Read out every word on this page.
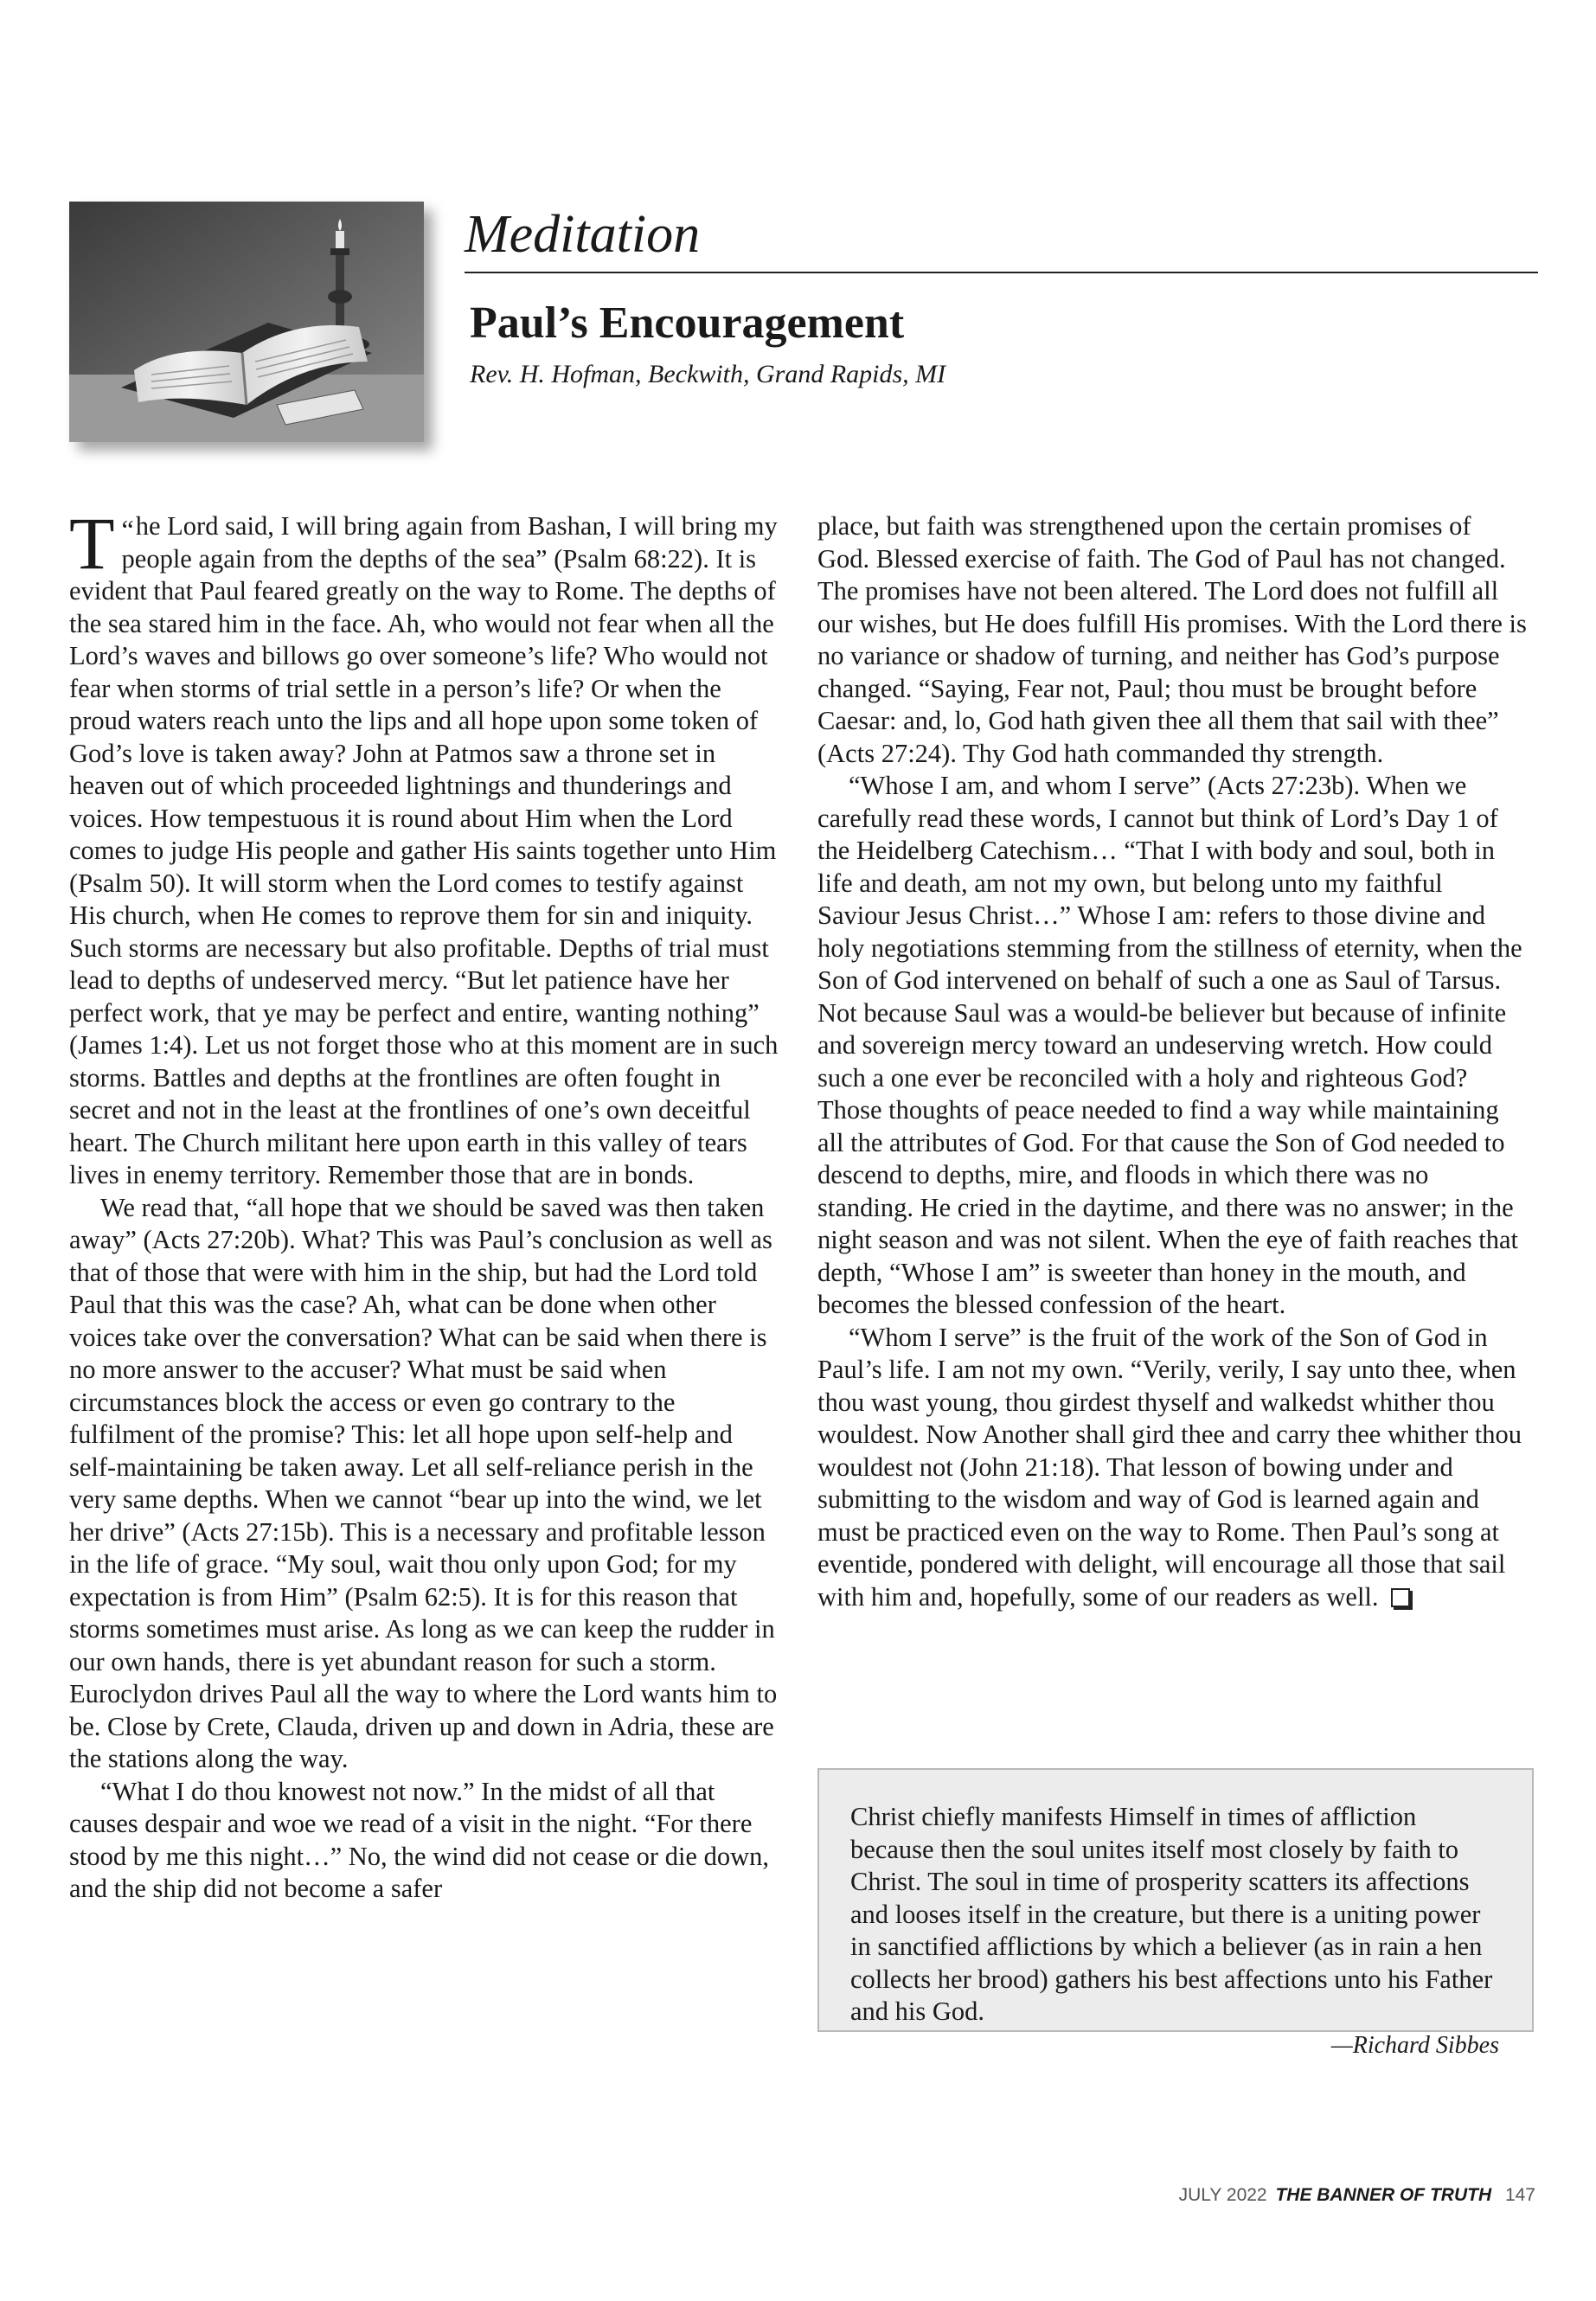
Meditation
Paul’s Encouragement

Rev. H. Hofman, Beckwith, Grand Rapids, MI

“
T he Lord said, I will bring again from Bashan, I will bring my people again from the depths of the sea” (Psalm 68:22). It is evident that Paul feared greatly on the way to Rome. The depths of the sea stared him in the face. Ah, who would not fear when all the Lord’s waves and billows go over someone’s life? Who would not fear when storms of trial settle in a person’s life? Or when the proud waters reach unto the lips and all hope upon some token of God’s love is taken away? John at Patmos saw a throne set in heaven out of which proceeded lightnings and thunderings and voices. How tempestuous it is round about Him when the Lord comes to judge His people and gather His saints together unto Him (Psalm 50). It will storm when the Lord comes to testify against His church, when He comes to reprove them for sin and iniquity. Such storms are necessary but also profitable. Depths of trial must lead to depths of undeserved mercy. “But let patience have her perfect work, that ye may be perfect and entire, wanting nothing” (James 1:4). Let us not forget those who at this moment are in such storms. Battles and depths at the frontlines are often fought in secret and not in the least at the frontlines of one’s own deceitful heart. The Church militant here upon earth in this valley of tears lives in enemy territory. Remember those that are in bonds.

We read that, “all hope that we should be saved was then taken away” (Acts 27:20b). What? This was Paul’s conclusion as well as that of those that were with him in the ship, but had the Lord told Paul that this was the case? Ah, what can be done when other voices take over the conversation? What can be said when there is no more answer to the accuser? What must be said when circumstances block the access or even go contrary to the fulfilment of the promise? This: let all hope upon self-help and self-maintaining be taken away. Let all self-reliance perish in the very same depths. When we cannot “bear up into the wind, we let her drive” (Acts 27:15b). This is a necessary and profitable lesson in the life of grace. “My soul, wait thou only upon God; for my expectation is from Him” (Psalm 62:5). It is for this reason that storms sometimes must arise. As long as we can keep the rudder in our own hands, there is yet abundant reason for such a storm. Euroclydon drives Paul all the way to where the Lord wants him to be. Close by Crete, Clauda, driven up and down in Adria, these are the stations along the way.

“What I do thou knowest not now.” In the midst of all that causes despair and woe we read of a visit in the night. “For there stood by me this night…” No, the wind did not cease or die down, and the ship did not become a safer

place, but faith was strengthened upon the certain promises of God. Blessed exercise of faith. The God of Paul has not changed. The promises have not been altered. The Lord does not fulfill all our wishes, but He does fulfill His promises. With the Lord there is no variance or shadow of turning, and neither has God’s purpose changed. “Saying, Fear not, Paul; thou must be brought before Caesar: and, lo, God hath given thee all them that sail with thee” (Acts 27:24). Thy God hath commanded thy strength.

“Whose I am, and whom I serve” (Acts 27:23b). When we carefully read these words, I cannot but think of Lord’s Day 1 of the Heidelberg Catechism… “That I with body and soul, both in life and death, am not my own, but belong unto my faithful Saviour Jesus Christ…” Whose I am: refers to those divine and holy negotiations stemming from the stillness of eternity, when the Son of God intervened on behalf of such a one as Saul of Tarsus. Not because Saul was a would-be believer but because of infinite and sovereign mercy toward an undeserving wretch. How could such a one ever be reconciled with a holy and righteous God? Those thoughts of peace needed to find a way while maintaining all the attributes of God. For that cause the Son of God needed to descend to depths, mire, and floods in which there was no standing. He cried in the daytime, and there was no answer; in the night season and was not silent. When the eye of faith reaches that depth, “Whose I am” is sweeter than honey in the mouth, and becomes the blessed confession of the heart.

“Whom I serve” is the fruit of the work of the Son of God in Paul’s life. I am not my own. “Verily, verily, I say unto thee, when thou wast young, thou girdest thyself and walkedst whither thou wouldest. Now Another shall gird thee and carry thee whither thou wouldest not (John 21:18). That lesson of bowing under and submitting to the wisdom and way of God is learned again and must be practiced even on the way to Rome. Then Paul’s song at eventide, pondered with delight, will encourage all those that sail with him and, hopefully, some of our readers as well.

Christ chiefly manifests Himself in times of affliction because then the soul unites itself most closely by faith to Christ. The soul in time of prosperity scatters its affections and looses itself in the creature, but there is a uniting power in sanctified afflictions by which a believer (as in rain a hen collects her brood) gathers his best affections unto his Father and his God.

—Richard Sibbes

JULY 2022 THE BANNER OF TRUTH 147
